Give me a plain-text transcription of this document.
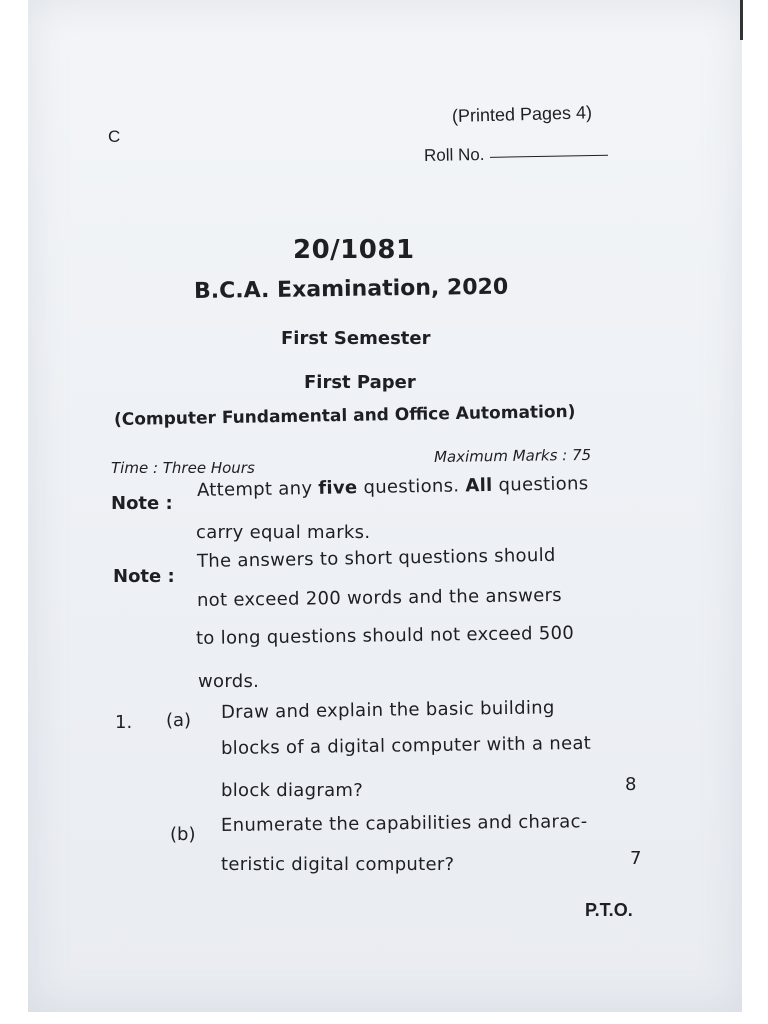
C
(Printed Pages 4)
Roll No.
20/1081
B.C.A. Examination, 2020
First Semester
First Paper
(Computer Fundamental and Office Automation)
Time : Three Hours
Maximum Marks : 75
Note :
Attempt any five questions. All questions
carry equal marks.
Note :
The answers to short questions should
not exceed 200 words and the answers
to long questions should not exceed 500
words.
1. (a) Draw and explain the basic building
blocks of a digital computer with a neat
block diagram?	8
(b) Enumerate the capabilities and charac-
teristic digital computer?	7
P.T.O.
